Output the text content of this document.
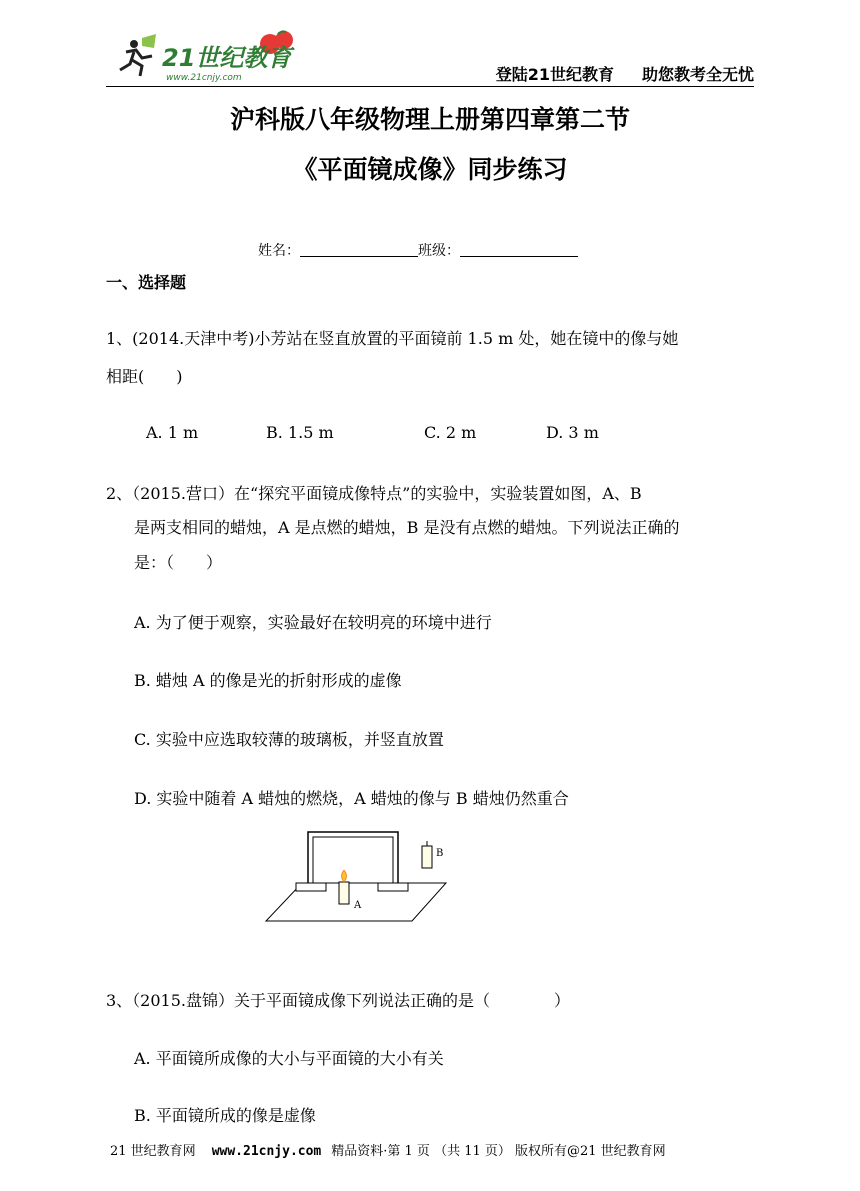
21世纪教育
www.21cnjy.com	登陆21世纪教育 助您教考全无忧
沪科版八年级物理上册第四章第二节
《平面镜成像》同步练习
姓名：	班级：
一、选择题
1、(2014.天津中考)小芳站在竖直放置的平面镜前 1.5 m 处，她在镜中的像与她
相距(　　)
A. 1 m	B. 1.5 m	C. 2 m	D. 3 m
2、（2015.营口）在“探究平面镜成像特点”的实验中，实验装置如图，A、B
是两支相同的蜡烛，A 是点燃的蜡烛，B 是没有点燃的蜡烛。下列说法正确的
是：（　　）
A. 为了便于观察，实验最好在较明亮的环境中进行
B. 蜡烛 A 的像是光的折射形成的虚像
C. 实验中应选取较薄的玻璃板，并竖直放置
D. 实验中随着 A 蜡烛的燃烧，A 蜡烛的像与 B 蜡烛仍然重合
A
B
3、（2015.盘锦）关于平面镜成像下列说法正确的是（　　　　）
A. 平面镜所成像的大小与平面镜的大小有关
B. 平面镜所成的像是虚像
21 世纪教育网 www.21cnjy.com 精品资料·第 1 页 （共 11 页） 版权所有@21 世纪教育网
